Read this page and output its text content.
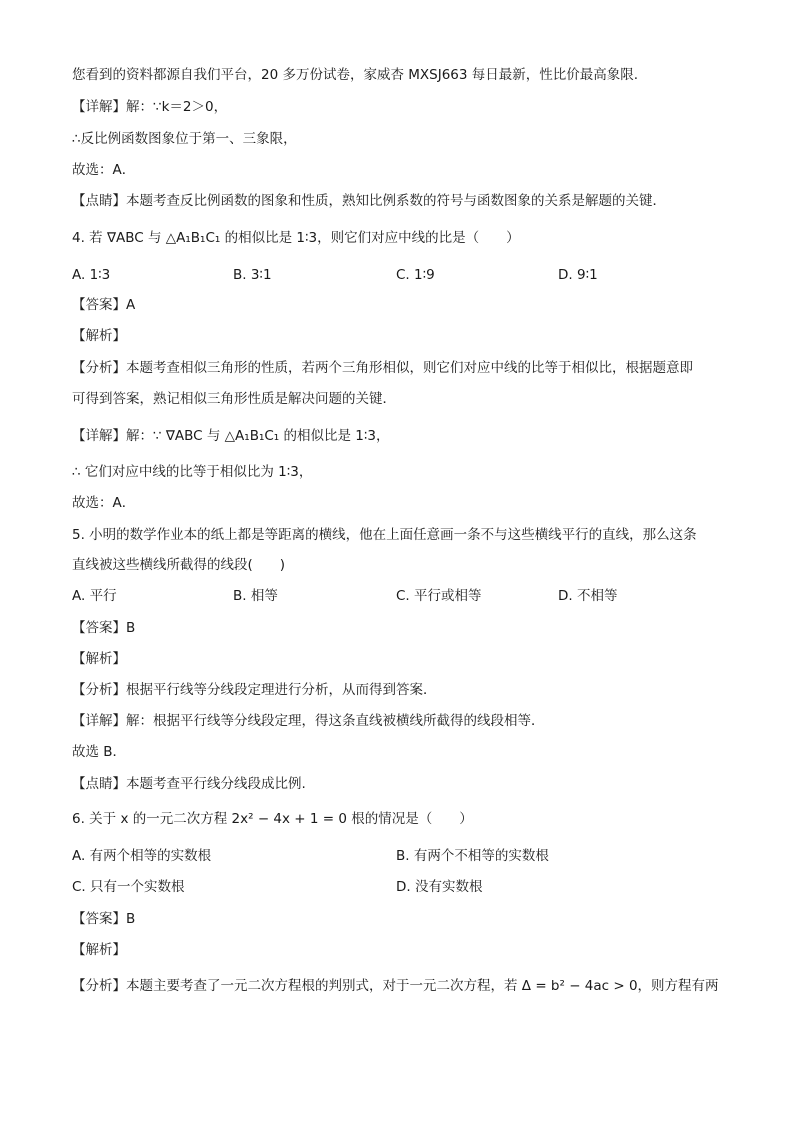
您看到的资料都源自我们平台，20 多万份试卷，家威杏 MXSJ663 每日最新，性比价最高象限.
【详解】解：∵k＝2＞0，
∴反比例函数图象位于第一、三象限，
故选：A．
【点睛】本题考查反比例函数的图象和性质，熟知比例系数的符号与函数图象的关系是解题的关键．
4. 若 ∇ABC 与 △A₁B₁C₁ 的相似比是 1∶3，则它们对应中线的比是（　　）
A. 1∶3	B. 3∶1	C. 1∶9	D. 9∶1
【答案】A
【解析】
【分析】本题考查相似三角形的性质，若两个三角形相似，则它们对应中线的比等于相似比，根据题意即
可得到答案，熟记相似三角形性质是解决问题的关键．
【详解】解：∵ ∇ABC 与 △A₁B₁C₁ 的相似比是 1∶3，
∴ 它们对应中线的比等于相似比为 1∶3，
故选：A．
5. 小明的数学作业本的纸上都是等距离的横线，他在上面任意画一条不与这些横线平行的直线，那么这条
直线被这些横线所截得的线段(　　)
A. 平行	B. 相等	C. 平行或相等	D. 不相等
【答案】B
【解析】
【分析】根据平行线等分线段定理进行分析，从而得到答案．
【详解】解：根据平行线等分线段定理，得这条直线被横线所截得的线段相等．
故选 B．
【点睛】本题考查平行线分线段成比例.
6. 关于 x 的一元二次方程 2x² − 4x + 1 = 0 根的情况是（　　）
A. 有两个相等的实数根	B. 有两个不相等的实数根
C. 只有一个实数根	D. 没有实数根
【答案】B
【解析】
【分析】本题主要考查了一元二次方程根的判别式，对于一元二次方程，若 Δ = b² − 4ac > 0，则方程有两
